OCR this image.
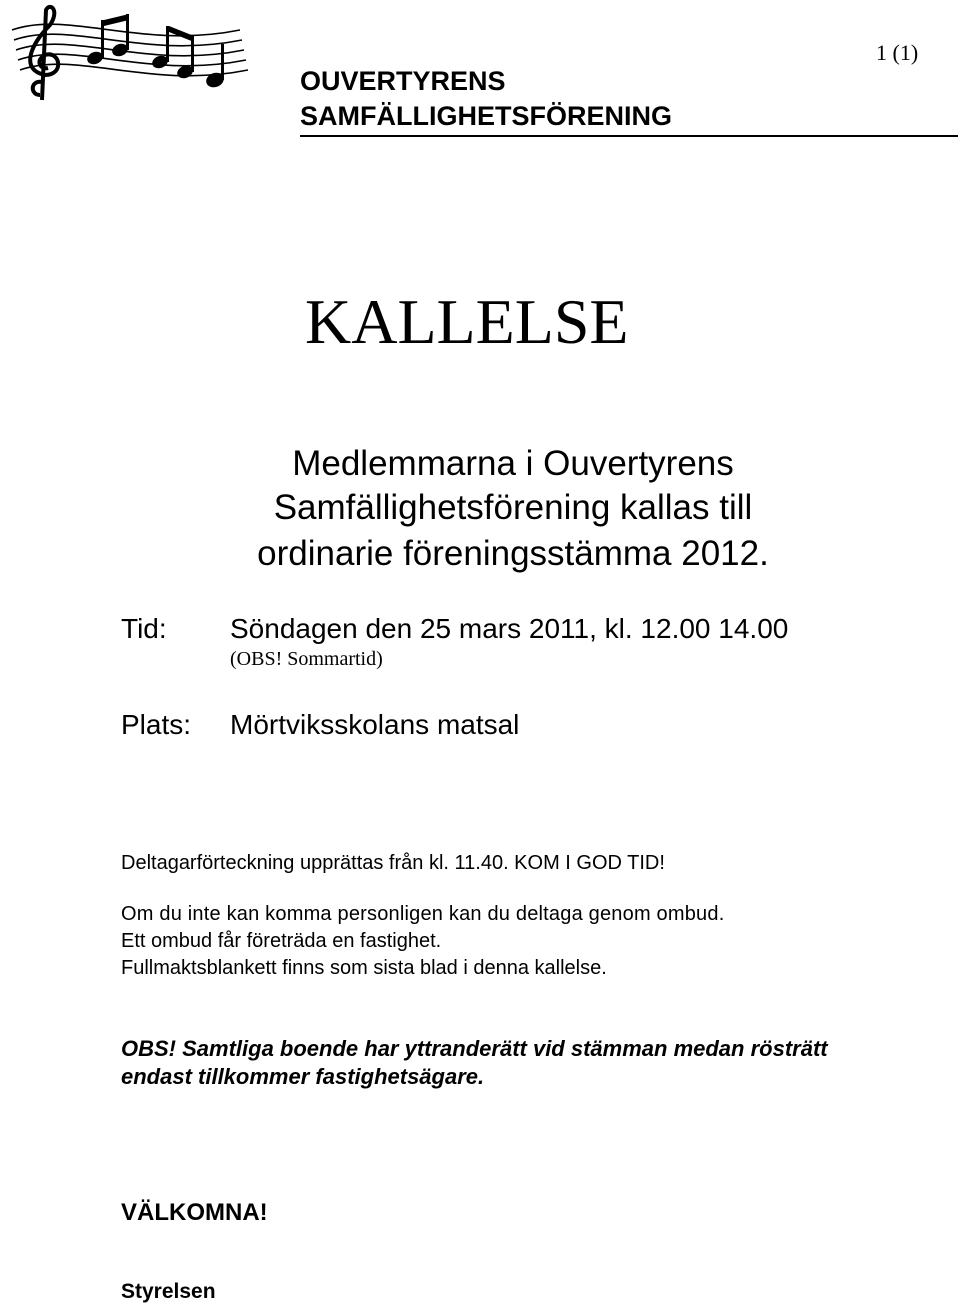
OUVERTYRENS
SAMFÄLLIGHETSFÖRENING
1 (1)
KALLELSE
Medlemmarna i Ouvertyrens
Samfällighetsförening kallas till
ordinarie föreningsstämma 2012.
Tid: Söndagen den 25 mars 2011, kl. 12.00 14.00
(OBS! Sommartid)
Plats: Mörtviksskolans matsal
Deltagarförteckning upprättas från kl. 11.40. KOM I GOD TID!
Om du inte kan komma personligen kan du deltaga genom ombud.
Ett ombud får företräda en fastighet.
Fullmaktsblankett finns som sista blad i denna kallelse.
OBS! Samtliga boende har yttranderätt vid stämman medan rösträtt
endast tillkommer fastighetsägare.
VÄLKOMNA!
Styrelsen
